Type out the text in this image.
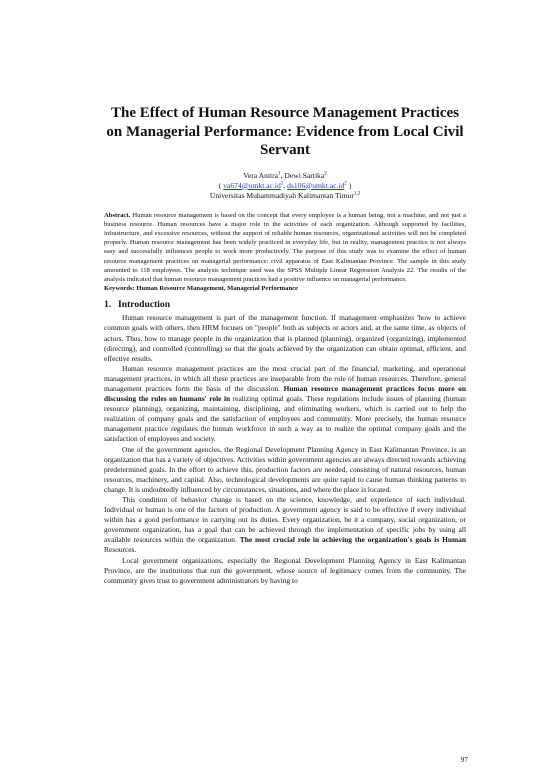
The Effect of Human Resource Management Practices on Managerial Performance: Evidence from Local Civil Servant
Vera Anitra$^1$, Dewi Sartika$^2$
( $va674@umkt.ac.id^1$, $ds106@umkt.ac.id^2$ )
Universitas Muhammadiyah Kalimantan Timur$^{1,2}$
Abstract. Human resource management is based on the concept that every employee is a human being, not a machine, and not just a business resource. Human resources have a major role in the activities of each organization. Although supported by facilities, infrastructure, and excessive resources, without the support of reliable human resources, organizational activities will not be completed properly. Human resource management has been widely practiced in everyday life, but in reality, management practice is not always easy and successfully influences people to work more productively. The purpose of this study was to examine the effect of human resource management practices on managerial performance: civil apparatus of East Kalimantan Province. The sample in this study amounted to 118 employees. The analysis technique used was the SPSS Multiple Linear Regression Analysis 22. The results of the analysis indicated that human resource management practices had a positive influence on managerial performance.
Keywords: Human Resource Management, Managerial Performance
1. Introduction

Human resource management is part of the management function. If management emphasizes 'how to achieve common goals with others, then HRM focuses on "people" both as subjects or actors and, at the same time, as objects of actors. Thus, how to manage people in the organization that is planned (planning), organized (organizing), implemented (directing), and controlled (controlling) so that the goals achieved by the organization can obtain optimal, efficient, and effective results.

Human resource management practices are the most crucial part of the financial, marketing, and operational management practices, in which all these practices are inseparable from the role of human resources. Therefore, general management practices form the basis of the discussion. Human resource management practices focus more on discussing the rules on humans' role in realizing optimal goals. These regulations include issues of planning (human resource planning), organizing, maintaining, disciplining, and eliminating workers, which is carried out to help the realization of company goals and the satisfaction of employees and community. More precisely, the human resource management practice regulates the human workforce in such a way as to realize the optimal company goals and the satisfaction of employees and society.

One of the government agencies, the Regional Development Planning Agency in East Kalimantan Province, is an organization that has a variety of objectives. Activities within government agencies are always directed towards achieving predetermined goals. In the effort to achieve this, production factors are needed, consisting of natural resources, human resources, machinery, and capital. Also, technological developments are quite rapid to cause human thinking patterns to change. It is undoubtedly influenced by circumstances, situations, and where the place is located.

This condition of behavior change is based on the science, knowledge, and experience of each individual. Individual or human is one of the factors of production. A government agency is said to be effective if every individual within has a good performance in carrying out its duties. Every organization, be it a company, social organization, or government organization, has a goal that can be achieved through the implementation of specific jobs by using all available resources within the organization. The most crucial role in achieving the organization's goals is Human Resources.

Local government organizations, especially the Regional Development Planning Agency in East Kalimantan Province, are the institutions that run the government, whose source of legitimacy comes from the community. The community gives trust to government administrators by having to

97
